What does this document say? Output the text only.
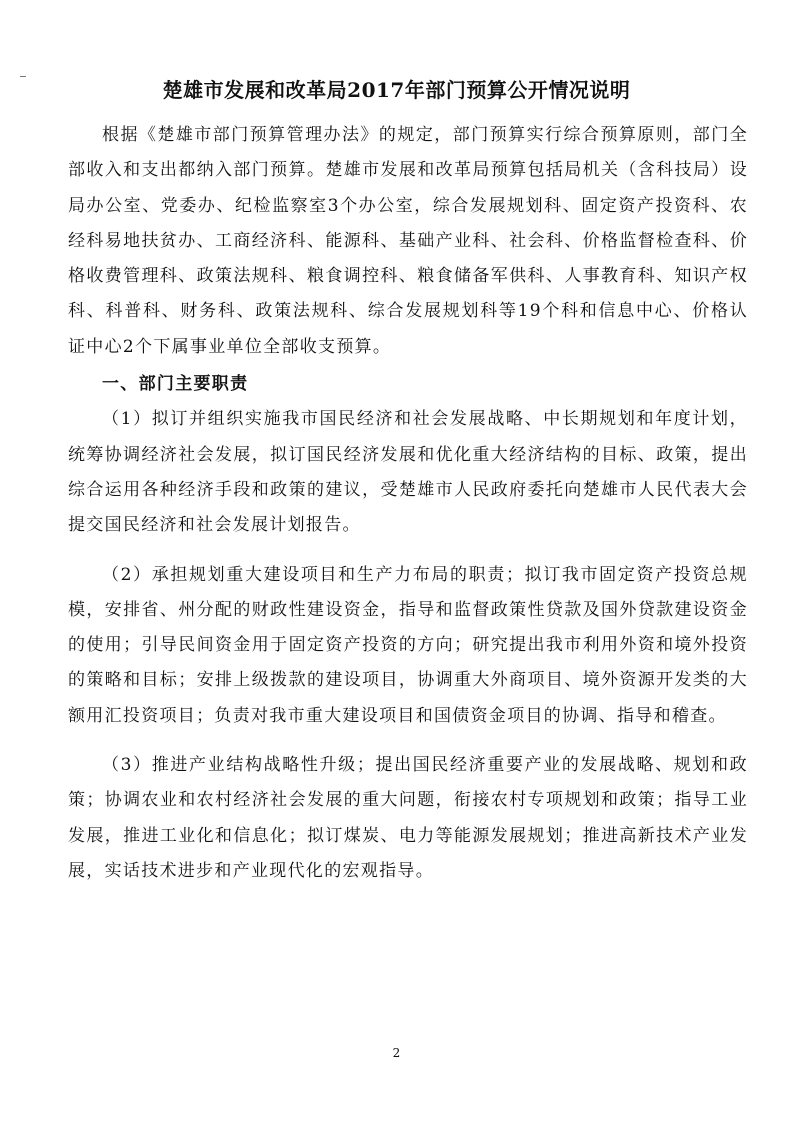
楚雄市发展和改革局2017年部门预算公开情况说明

根据《楚雄市部门预算管理办法》的规定，部门预算实行综合预算原则，部门全部收入和支出都纳入部门预算。楚雄市发展和改革局预算包括局机关（含科技局）设局办公室、党委办、纪检监察室3个办公室，综合发展规划科、固定资产投资科、农经科易地扶贫办、工商经济科、能源科、基础产业科、社会科、价格监督检查科、价格收费管理科、政策法规科、粮食调控科、粮食储备军供科、人事教育科、知识产权科、科普科、财务科、政策法规科、综合发展规划科等19个科和信息中心、价格认证中心2个下属事业单位全部收支预算。

一、部门主要职责

（1）拟订并组织实施我市国民经济和社会发展战略、中长期规划和年度计划，统筹协调经济社会发展，拟订国民经济发展和优化重大经济结构的目标、政策，提出综合运用各种经济手段和政策的建议，受楚雄市人民政府委托向楚雄市人民代表大会提交国民经济和社会发展计划报告。

（2）承担规划重大建设项目和生产力布局的职责；拟订我市固定资产投资总规模，安排省、州分配的财政性建设资金，指导和监督政策性贷款及国外贷款建设资金的使用；引导民间资金用于固定资产投资的方向；研究提出我市利用外资和境外投资的策略和目标；安排上级拨款的建设项目，协调重大外商项目、境外资源开发类的大额用汇投资项目；负责对我市重大建设项目和国债资金项目的协调、指导和稽查。

（3）推进产业结构战略性升级；提出国民经济重要产业的发展战略、规划和政策；协调农业和农村经济社会发展的重大问题，衔接农村专项规划和政策；指导工业发展，推进工业化和信息化；拟订煤炭、电力等能源发展规划；推进高新技术产业发展，实话技术进步和产业现代化的宏观指导。

2
